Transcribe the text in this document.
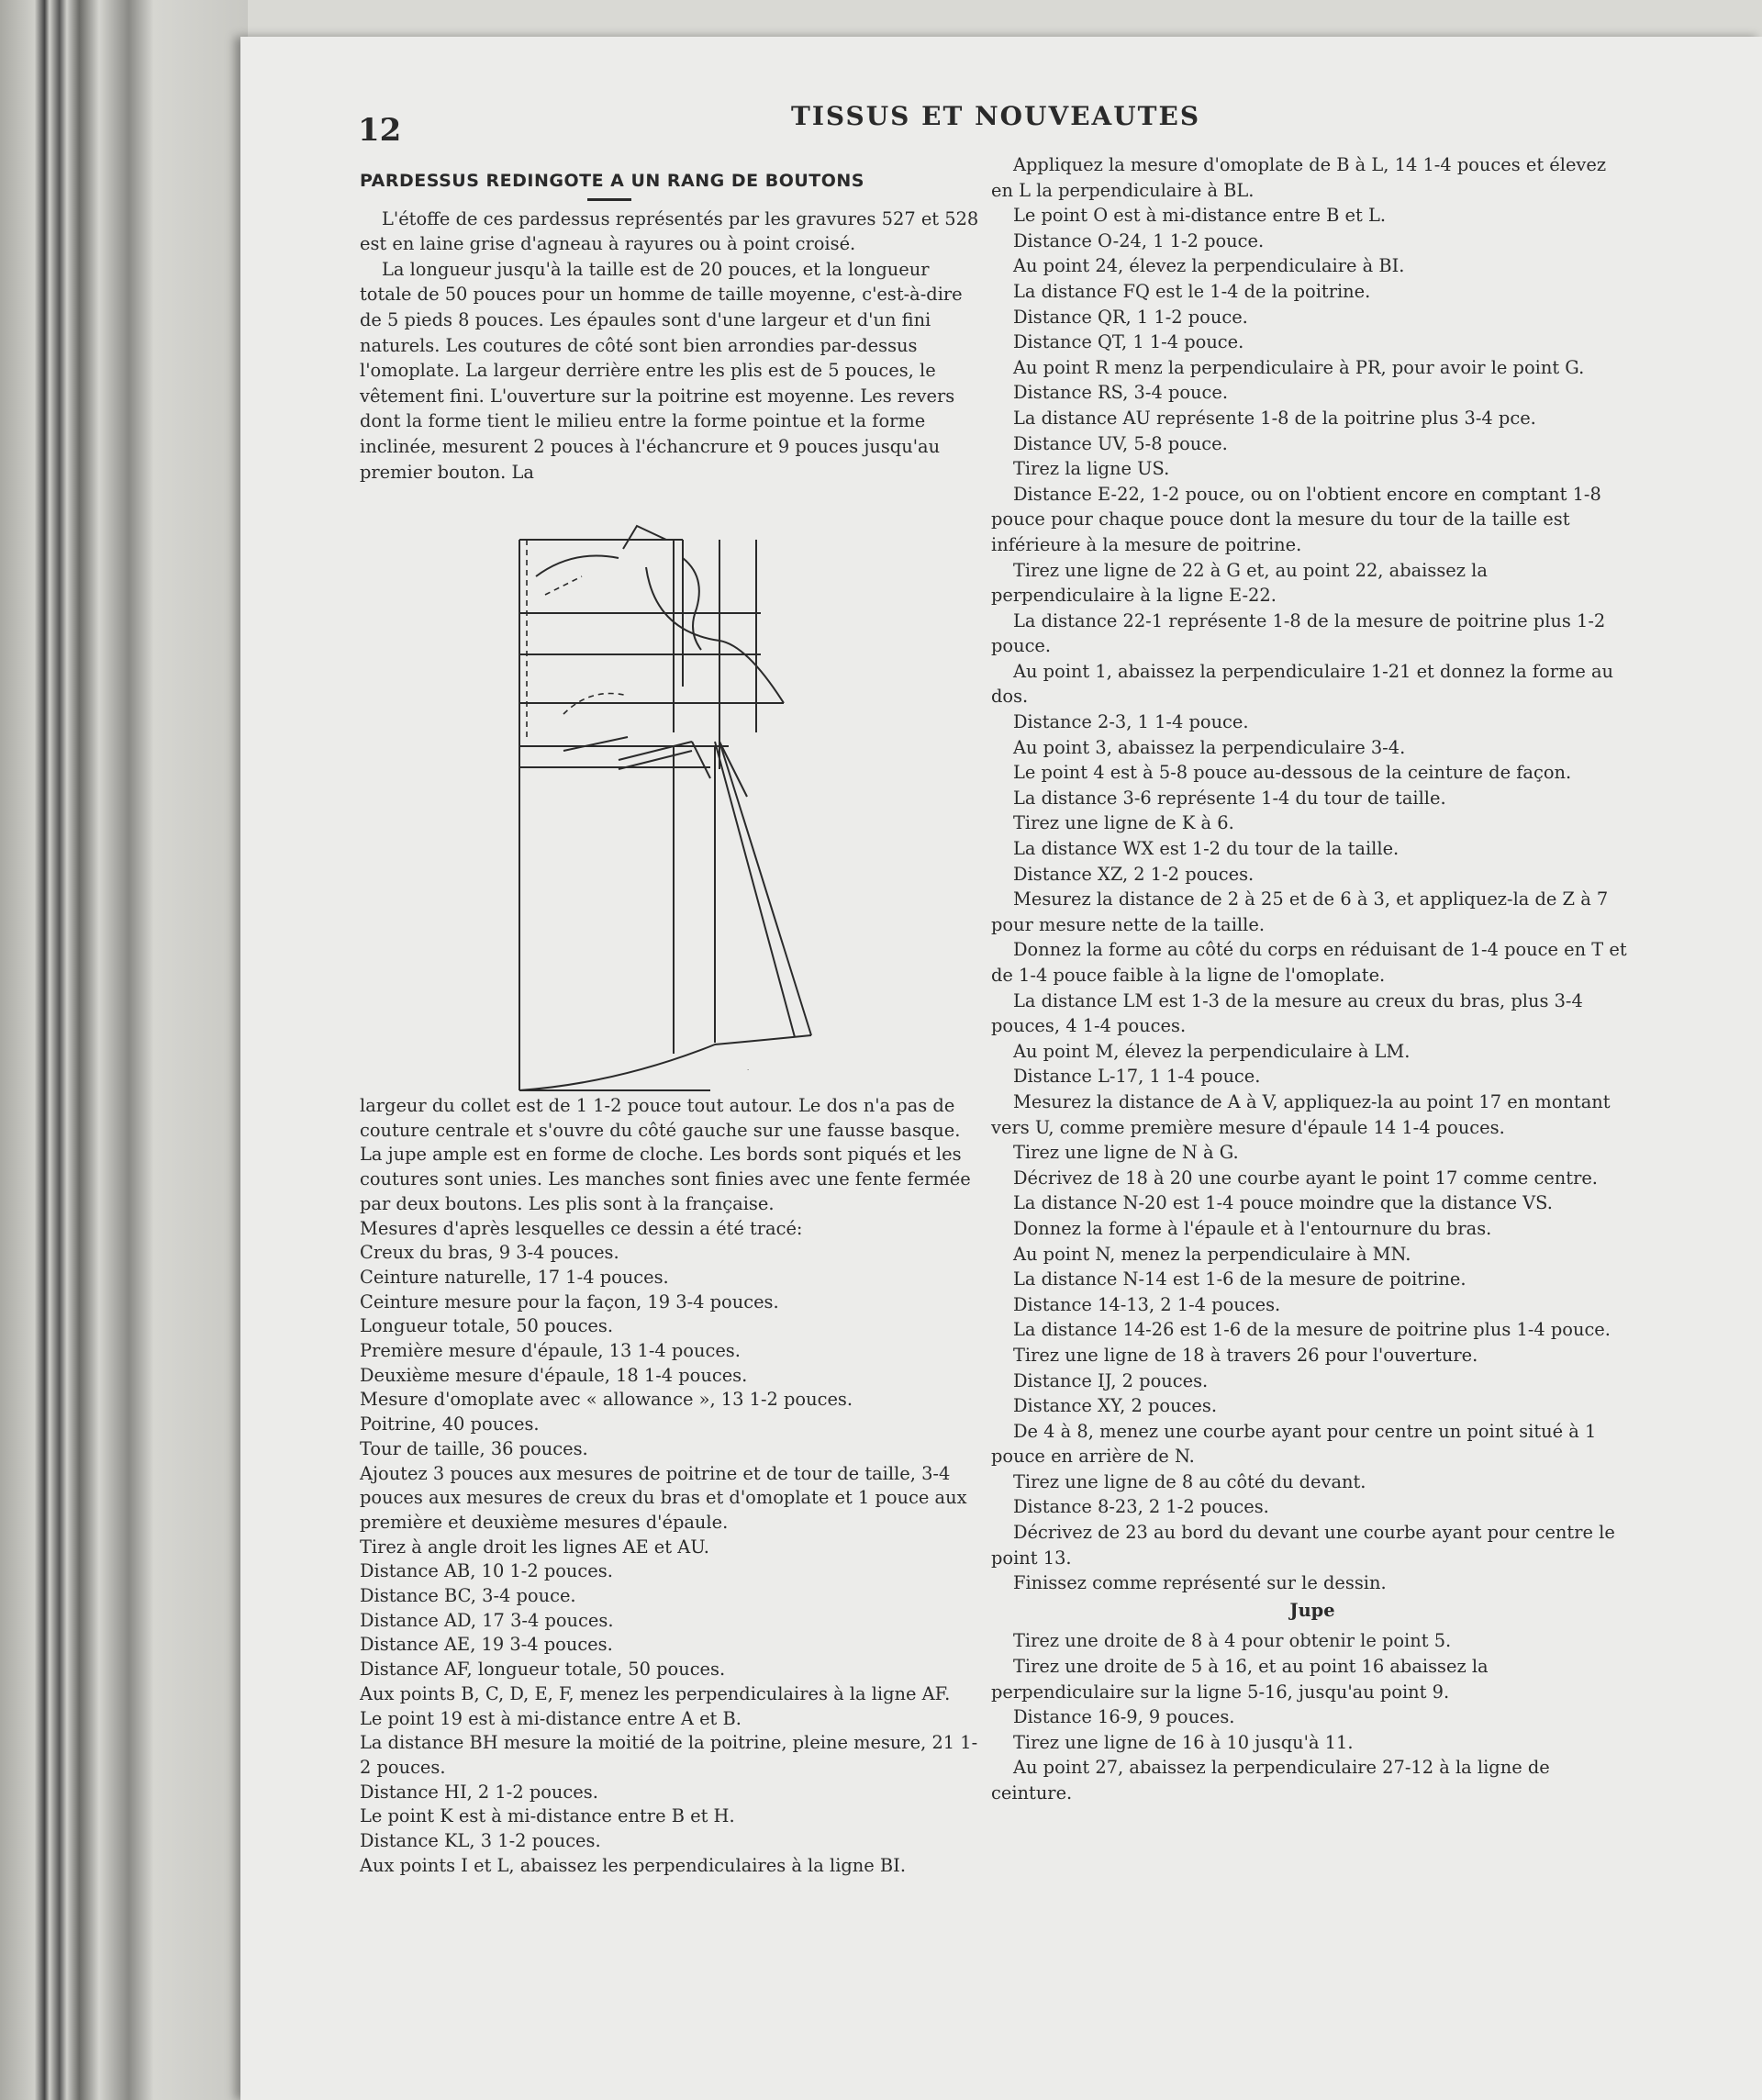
12	TISSUS ET NOUVEAUTES
PARDESSUS REDINGOTE A UN RANG DE BOUTONS

L'étoffe de ces pardessus représentés par les gravures 527 et 528 est en laine grise d'agneau à rayures ou à point croisé.

La longueur jusqu'à la taille est de 20 pouces, et la longueur totale de 50 pouces pour un homme de taille moyenne, c'est-à-dire de 5 pieds 8 pouces. Les épaules sont d'une largeur et d'un fini naturels. Les coutures de côté sont bien arrondies par-dessus l'omoplate. La largeur derrière entre les plis est de 5 pouces, le vêtement fini. L'ouverture sur la poitrine est moyenne. Les revers dont la forme tient le milieu entre la forme pointue et la forme inclinée, mesurent 2 pouces à l'échancrure et 9 pouces jusqu'au premier bouton. La

·

largeur du collet est de 1 1-2 pouce tout autour. Le dos n'a pas de couture centrale et s'ouvre du côté gauche sur une fausse basque. La jupe ample est en forme de cloche. Les bords sont piqués et les coutures sont unies. Les manches sont finies avec une fente fermée par deux boutons. Les plis sont à la française.

Mesures d'après lesquelles ce dessin a été tracé:

Creux du bras, 9 3-4 pouces.

Ceinture naturelle, 17 1-4 pouces.

Ceinture mesure pour la façon, 19 3-4 pouces.

Longueur totale, 50 pouces.

Première mesure d'épaule, 13 1-4 pouces.

Deuxième mesure d'épaule, 18 1-4 pouces.

Mesure d'omoplate avec « allowance », 13 1-2 pouces.

Poitrine, 40 pouces.

Tour de taille, 36 pouces.

Ajoutez 3 pouces aux mesures de poitrine et de tour de taille, 3-4 pouces aux mesures de creux du bras et d'omoplate et 1 pouce aux première et deuxième mesures d'épaule.

Tirez à angle droit les lignes AE et AU.

Distance AB, 10 1-2 pouces.

Distance BC, 3-4 pouce.

Distance AD, 17 3-4 pouces.

Distance AE, 19 3-4 pouces.

Distance AF, longueur totale, 50 pouces.

Aux points B, C, D, E, F, menez les perpendiculaires à la ligne AF.

Le point 19 est à mi-distance entre A et B.

La distance BH mesure la moitié de la poitrine, pleine mesure, 21 1-2 pouces.

Distance HI, 2 1-2 pouces.

Le point K est à mi-distance entre B et H.

Distance KL, 3 1-2 pouces.

Aux points I et L, abaissez les perpendiculaires à la ligne BI.

Appliquez la mesure d'omoplate de B à L, 14 1-4 pouces et élevez en L la perpendiculaire à BL.

Le point O est à mi-distance entre B et L.

Distance O-24, 1 1-2 pouce.

Au point 24, élevez la perpendiculaire à BI.

La distance FQ est le 1-4 de la poitrine.

Distance QR, 1 1-2 pouce.

Distance QT, 1 1-4 pouce.

Au point R menz la perpendiculaire à PR, pour avoir le point G.

Distance RS, 3-4 pouce.

La distance AU représente 1-8 de la poitrine plus 3-4 pce.

Distance UV, 5-8 pouce.

Tirez la ligne US.

Distance E-22, 1-2 pouce, ou on l'obtient encore en comptant 1-8 pouce pour chaque pouce dont la mesure du tour de la taille est inférieure à la mesure de poitrine.

Tirez une ligne de 22 à G et, au point 22, abaissez la perpendiculaire à la ligne E-22.

La distance 22-1 représente 1-8 de la mesure de poitrine plus 1-2 pouce.

Au point 1, abaissez la perpendiculaire 1-21 et donnez la forme au dos.

Distance 2-3, 1 1-4 pouce.

Au point 3, abaissez la perpendiculaire 3-4.

Le point 4 est à 5-8 pouce au-dessous de la ceinture de façon.

La distance 3-6 représente 1-4 du tour de taille.

Tirez une ligne de K à 6.

La distance WX est 1-2 du tour de la taille.

Distance XZ, 2 1-2 pouces.

Mesurez la distance de 2 à 25 et de 6 à 3, et appliquez-la de Z à 7 pour mesure nette de la taille.

Donnez la forme au côté du corps en réduisant de 1-4 pouce en T et de 1-4 pouce faible à la ligne de l'omoplate.

La distance LM est 1-3 de la mesure au creux du bras, plus 3-4 pouces, 4 1-4 pouces.

Au point M, élevez la perpendiculaire à LM.

Distance L-17, 1 1-4 pouce.

Mesurez la distance de A à V, appliquez-la au point 17 en montant vers U, comme première mesure d'épaule 14 1-4 pouces.

Tirez une ligne de N à G.

Décrivez de 18 à 20 une courbe ayant le point 17 comme centre.

La distance N-20 est 1-4 pouce moindre que la distance VS.

Donnez la forme à l'épaule et à l'entournure du bras.

Au point N, menez la perpendiculaire à MN.

La distance N-14 est 1-6 de la mesure de poitrine.

Distance 14-13, 2 1-4 pouces.

La distance 14-26 est 1-6 de la mesure de poitrine plus 1-4 pouce.

Tirez une ligne de 18 à travers 26 pour l'ouverture.

Distance IJ, 2 pouces.

Distance XY, 2 pouces.

De 4 à 8, menez une courbe ayant pour centre un point situé à 1 pouce en arrière de N.

Tirez une ligne de 8 au côté du devant.

Distance 8-23, 2 1-2 pouces.

Décrivez de 23 au bord du devant une courbe ayant pour centre le point 13.

Finissez comme représenté sur le dessin.

Jupe

Tirez une droite de 8 à 4 pour obtenir le point 5.

Tirez une droite de 5 à 16, et au point 16 abaissez la perpendiculaire sur la ligne 5-16, jusqu'au point 9.

Distance 16-9, 9 pouces.

Tirez une ligne de 16 à 10 jusqu'à 11.

Au point 27, abaissez la perpendiculaire 27-12 à la ligne de ceinture.
